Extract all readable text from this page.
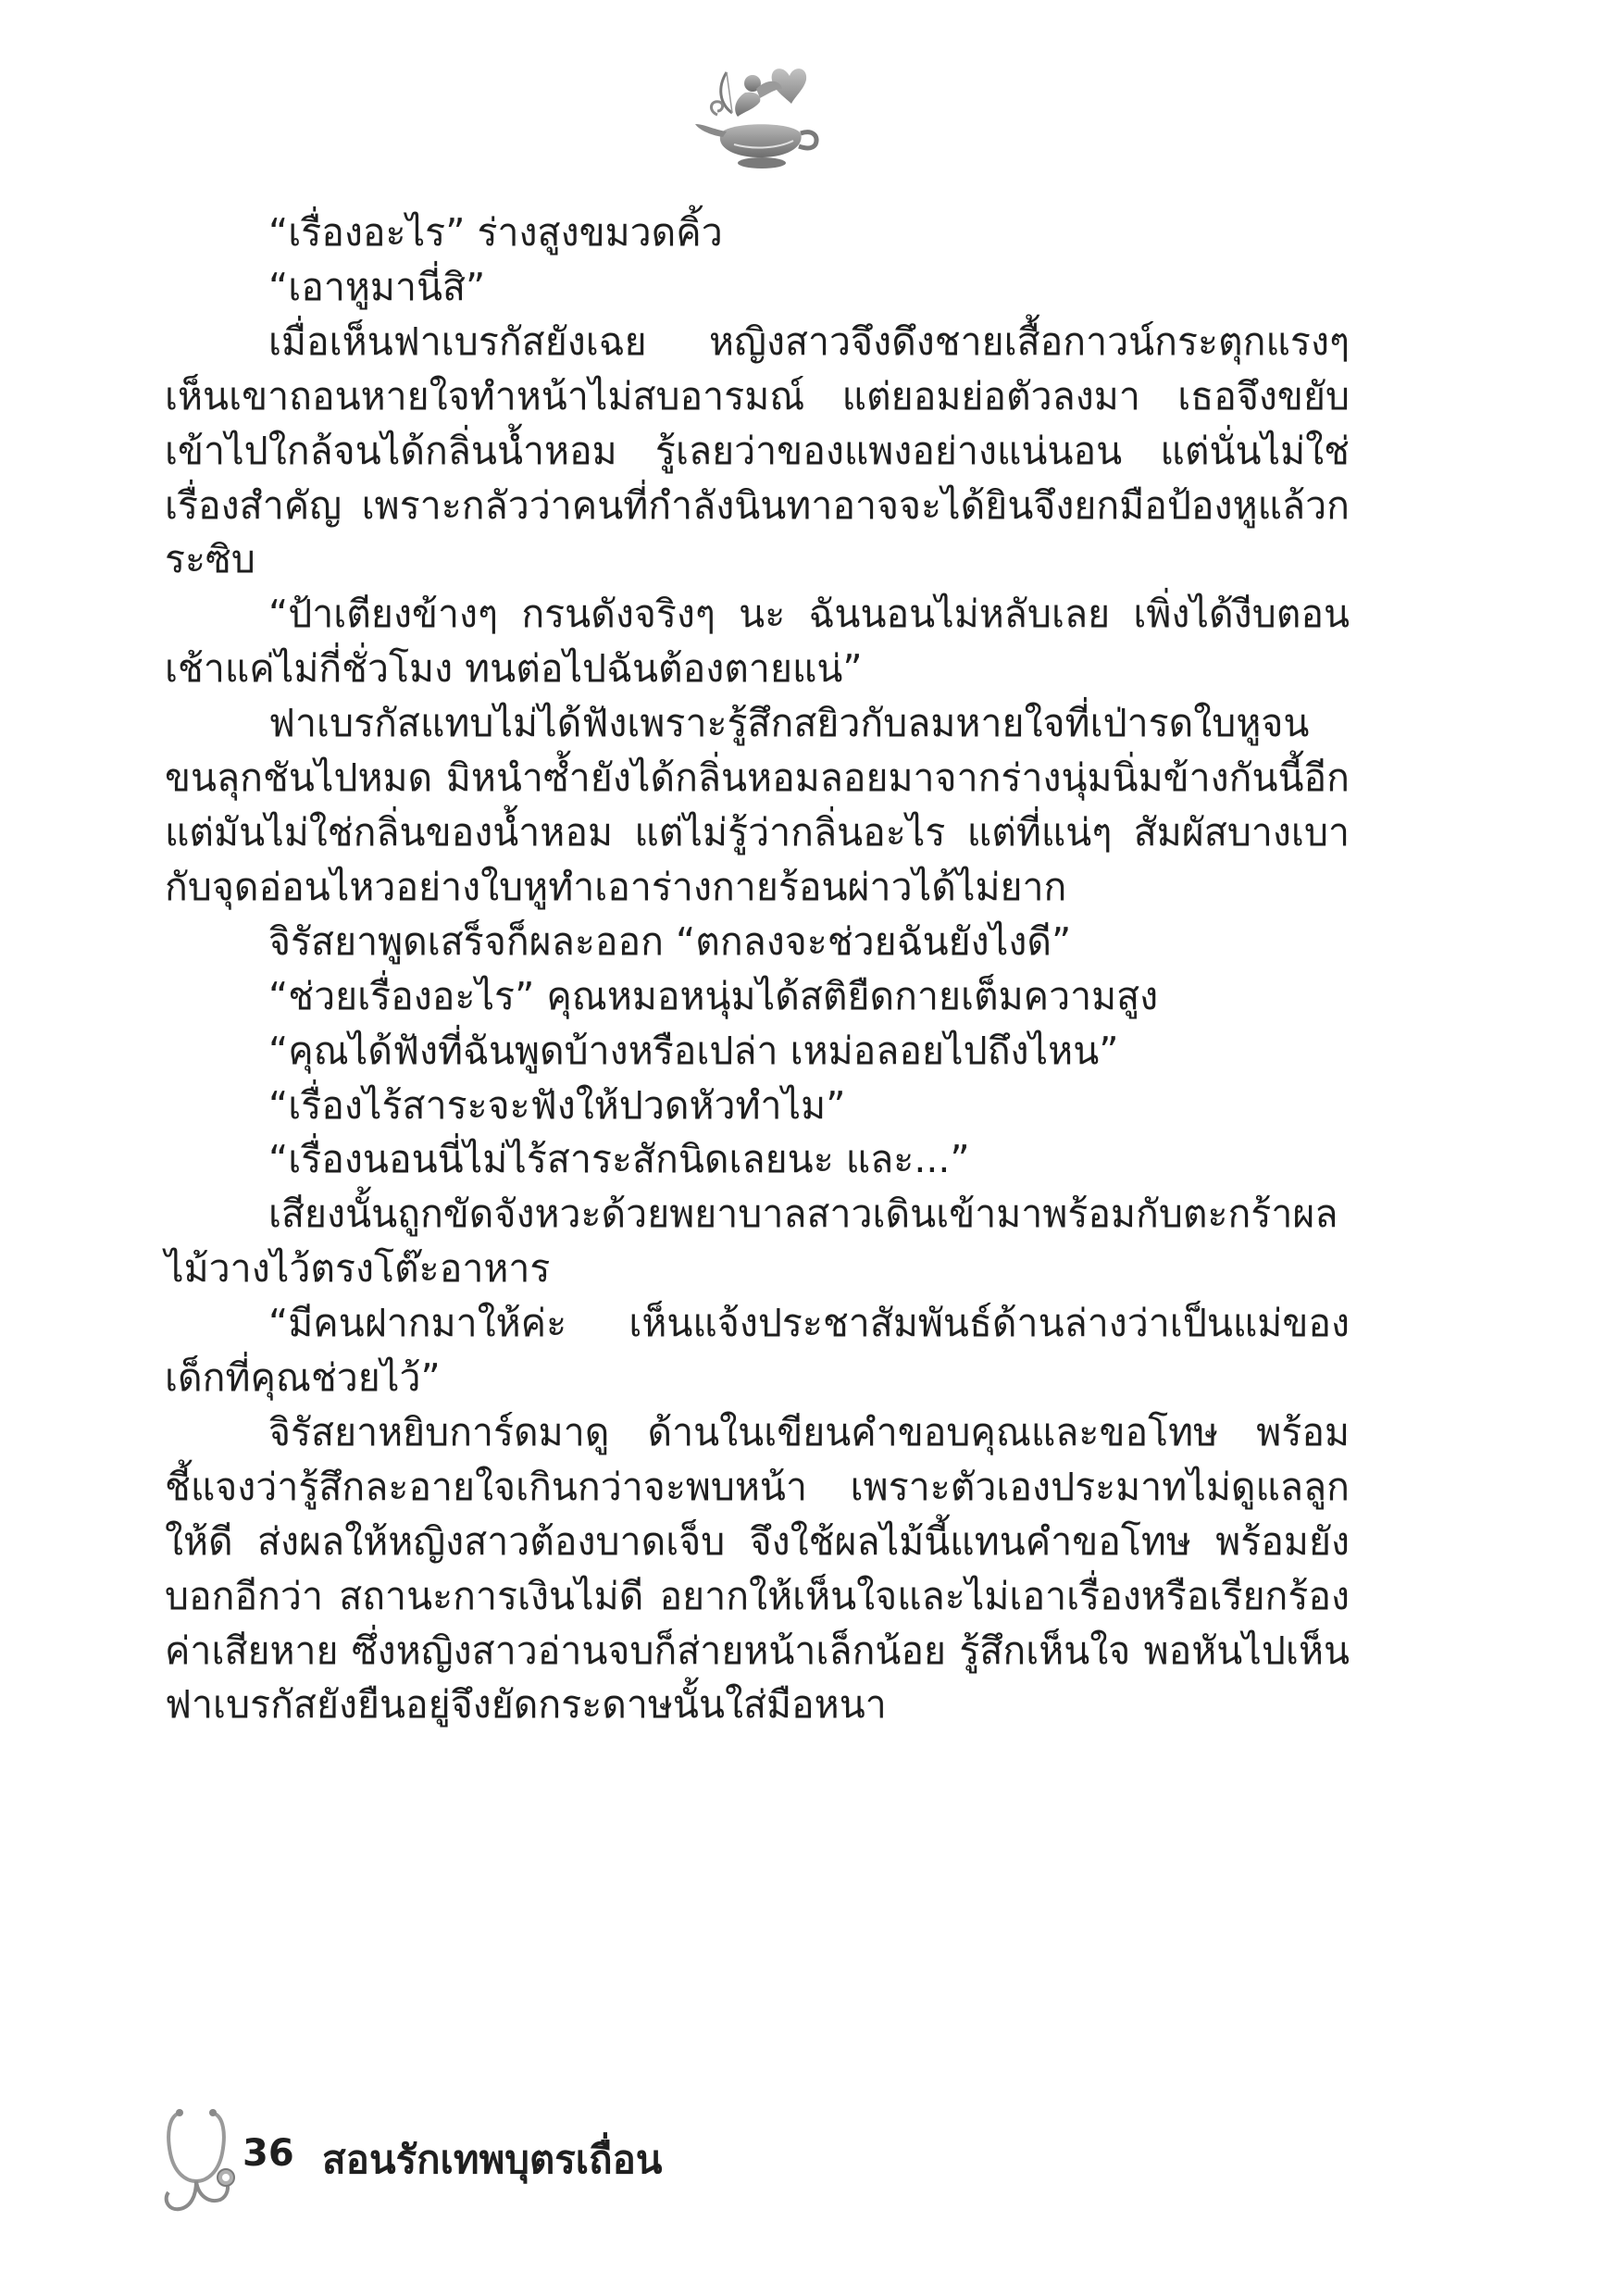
“เรื่องอะไร” ร่างสูงขมวดคิ้ว

“เอาหูมานี่สิ”

เมื่อเห็นฟาเบรกัสยังเฉย หญิงสาวจึงดึงชายเสื้อกาวน์กระตุกแรงๆ เห็นเขาถอนหายใจทำหน้าไม่สบอารมณ์ แต่ยอมย่อตัวลงมา เธอจึงขยับเข้าไปใกล้จนได้กลิ่นน้ำหอม รู้เลยว่าของแพงอย่างแน่นอน แต่นั่นไม่ใช่เรื่องสำคัญ เพราะกลัวว่าคนที่กำลังนินทาอาจจะได้ยินจึงยกมือป้องหูแล้วกระซิบ

“ป้าเตียงข้างๆ กรนดังจริงๆ นะ ฉันนอนไม่หลับเลย เพิ่งได้งีบตอนเช้าแค่ไม่กี่ชั่วโมง ทนต่อไปฉันต้องตายแน่”

ฟาเบรกัสแทบไม่ได้ฟังเพราะรู้สึกสยิวกับลมหายใจที่เป่ารดใบหูจนขนลุกชันไปหมด มิหนำซ้ำยังได้กลิ่นหอมลอยมาจากร่างนุ่มนิ่มข้างกันนี้อีก แต่มันไม่ใช่กลิ่นของน้ำหอม แต่ไม่รู้ว่ากลิ่นอะไร แต่ที่แน่ๆ สัมผัสบางเบากับจุดอ่อนไหวอย่างใบหูทำเอาร่างกายร้อนผ่าวได้ไม่ยาก

จิรัสยาพูดเสร็จก็ผละออก “ตกลงจะช่วยฉันยังไงดี”

“ช่วยเรื่องอะไร” คุณหมอหนุ่มได้สติยืดกายเต็มความสูง

“คุณได้ฟังที่ฉันพูดบ้างหรือเปล่า เหม่อลอยไปถึงไหน”

“เรื่องไร้สาระจะฟังให้ปวดหัวทำไม”

“เรื่องนอนนี่ไม่ไร้สาระสักนิดเลยนะ และ...”

เสียงนั้นถูกขัดจังหวะด้วยพยาบาลสาวเดินเข้ามาพร้อมกับตะกร้าผลไม้วางไว้ตรงโต๊ะอาหาร

“มีคนฝากมาให้ค่ะ เห็นแจ้งประชาสัมพันธ์ด้านล่างว่าเป็นแม่ของเด็กที่คุณช่วยไว้”

จิรัสยาหยิบการ์ดมาดู ด้านในเขียนคำขอบคุณและขอโทษ พร้อมชี้แจงว่ารู้สึกละอายใจเกินกว่าจะพบหน้า เพราะตัวเองประมาทไม่ดูแลลูกให้ดี ส่งผลให้หญิงสาวต้องบาดเจ็บ จึงใช้ผลไม้นี้แทนคำขอโทษ พร้อมยังบอกอีกว่า สถานะการเงินไม่ดี อยากให้เห็นใจและไม่เอาเรื่องหรือเรียกร้องค่าเสียหาย ซึ่งหญิงสาวอ่านจบก็ส่ายหน้าเล็กน้อย รู้สึกเห็นใจ พอหันไปเห็นฟาเบรกัสยังยืนอยู่จึงยัดกระดาษนั้นใส่มือหนา

36 สอนรักเทพบุตรเถื่อน
